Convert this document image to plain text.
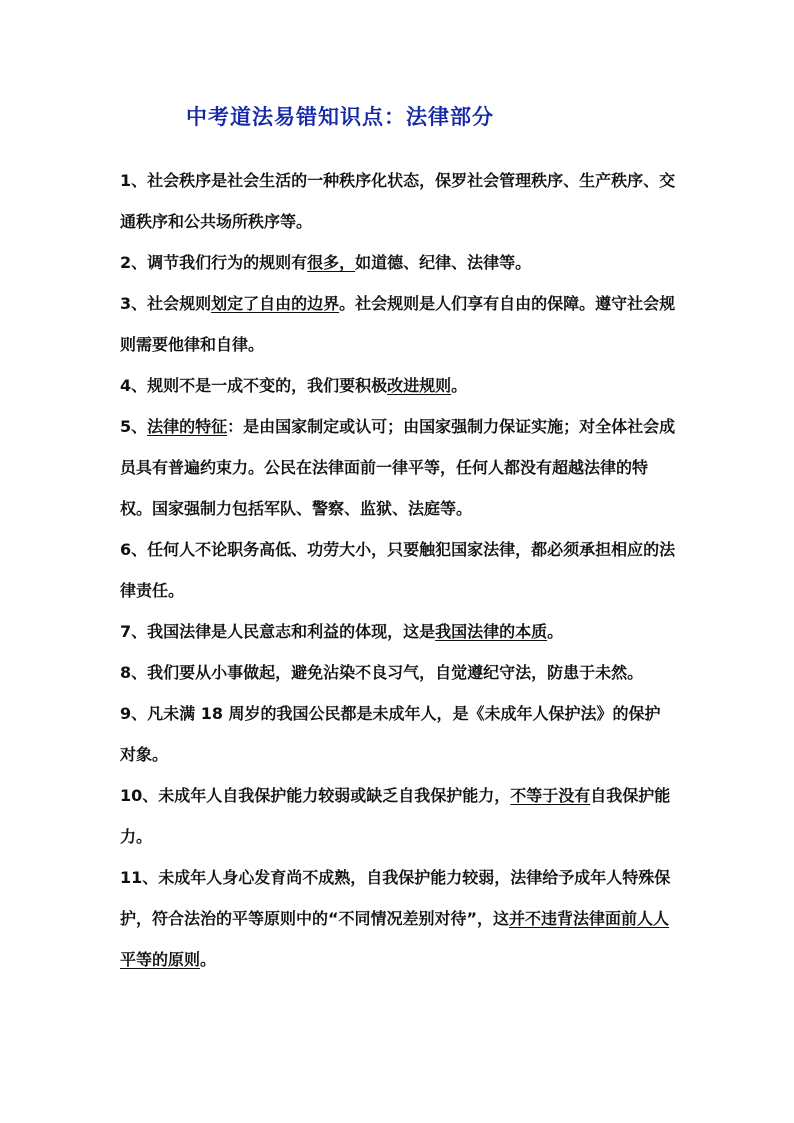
中考道法易错知识点：法律部分

1、社会秩序是社会生活的一种秩序化状态，保罗社会管理秩序、生产秩序、交通秩序和公共场所秩序等。

2、调节我们行为的规则有很多，如道德、纪律、法律等。

3、社会规则划定了自由的边界。社会规则是人们享有自由的保障。遵守社会规则需要他律和自律。

4、规则不是一成不变的，我们要积极改进规则。

5、法律的特征：是由国家制定或认可；由国家强制力保证实施；对全体社会成员具有普遍约束力。公民在法律面前一律平等，任何人都没有超越法律的特权。国家强制力包括军队、警察、监狱、法庭等。

6、任何人不论职务高低、功劳大小，只要触犯国家法律，都必须承担相应的法律责任。

7、我国法律是人民意志和利益的体现，这是我国法律的本质。

8、我们要从小事做起，避免沾染不良习气，自觉遵纪守法，防患于未然。

9、凡未满 18 周岁的我国公民都是未成年人，是《未成年人保护法》的保护对象。

10、未成年人自我保护能力较弱或缺乏自我保护能力，不等于没有自我保护能力。

11、未成年人身心发育尚不成熟，自我保护能力较弱，法律给予成年人特殊保护，符合法治的平等原则中的“不同情况差别对待”，这并不违背法律面前人人平等的原则。
